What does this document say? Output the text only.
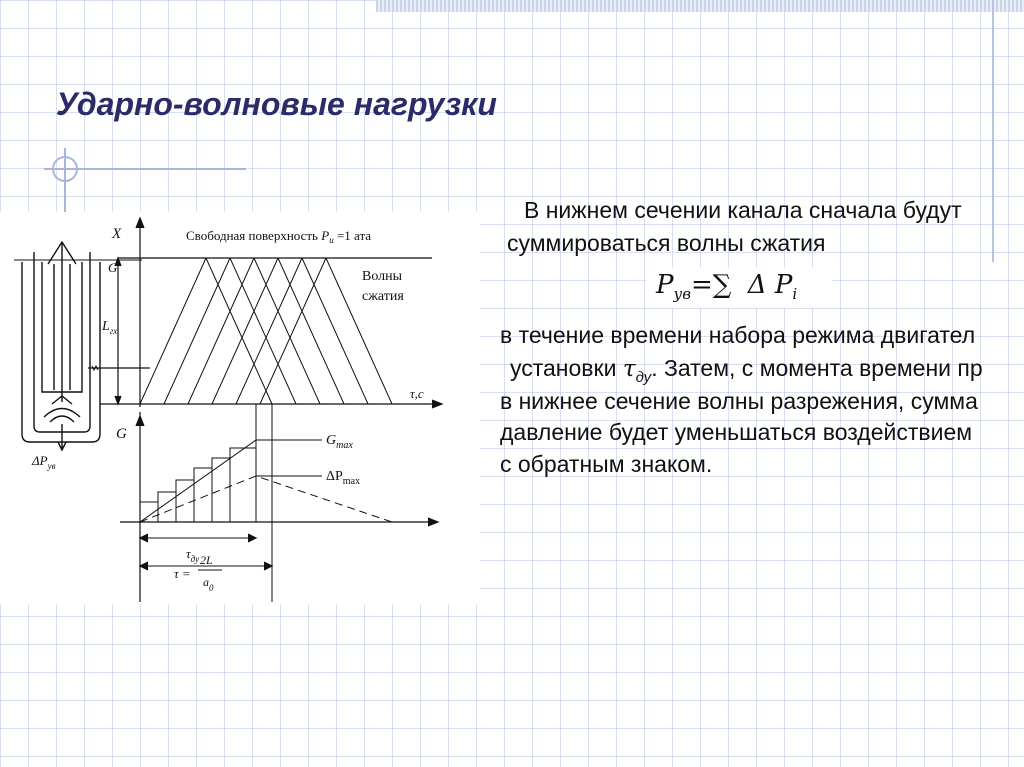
Ударно-волновые нагрузки
$\Delta P_{ув}$
X	Свободная поверхность $P_и =1$ ата
Волны
сжатия
G
$L_{гх}$
τ,с
G	$G_{max}$
$\Delta P_{max}$
$\tau_{ду}$
τ =
2L
$a_0$

В нижнем сечении канала сначала будут

суммироваться волны сжатия

$P_{ув}=\sum$ Δ $P_i$

в течение времени набора режима двигател

установки $\tau_{ду}$. Затем, с момента времени пр

в нижнее сечение волны разрежения, сумма

давление будет уменьшаться воздействием

с обратным знаком.
